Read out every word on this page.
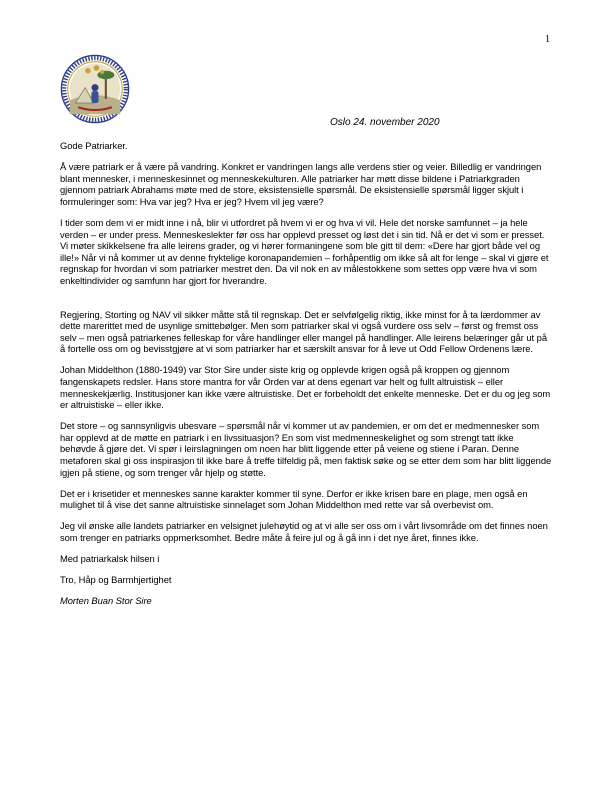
1
Oslo 24. november 2020

Gode Patriarker.

Å være patriark er å være på vandring. Konkret er vandringen langs alle verdens stier og veier. Billedlig er vandringen blant mennesker, i menneskesinnet og menneskekulturen. Alle patriarker har møtt disse bildene i Patriarkgraden gjennom patriark Abrahams møte med de store, eksistensielle spørsmål. De eksistensielle spørsmål ligger skjult i formuleringer som: Hva var jeg? Hva er jeg? Hvem vil jeg være?

I tider som dem vi er midt inne i nå, blir vi utfordret på hvem vi er og hva vi vil. Hele det norske samfunnet – ja hele verden – er under press. Menneskeslekter før oss har opplevd presset og løst det i sin tid. Nå er det vi som er presset. Vi møter skikkelsene fra alle leirens grader, og vi hører formaningene som ble gitt til dem: «Dere har gjort både vel og ille!» Når vi nå kommer ut av denne fryktelige koronapandemien – forhåpentlig om ikke så alt for lenge – skal vi gjøre et regnskap for hvordan vi som patriarker mestret den. Da vil nok en av målestokkene som settes opp være hva vi som enkeltindivider og samfunn har gjort for hverandre.

Regjering, Storting og NAV vil sikker måtte stå til regnskap. Det er selvfølgelig riktig, ikke minst for å ta lærdommer av dette marerittet med de usynlige smittebølger. Men som patriarker skal vi også vurdere oss selv – først og fremst oss selv – men også patriarkenes felleskap for våre handlinger eller mangel på handlinger. Alle leirens belæringer går ut på å fortelle oss om og bevisstgjøre at vi som patriarker har et særskilt ansvar for å leve ut Odd Fellow Ordenens lære.

Johan Middelthon (1880-1949) var Stor Sire under siste krig og opplevde krigen også på kroppen og gjennom fangenskapets redsler. Hans store mantra for vår Orden var at dens egenart var helt og fullt altruistisk – eller menneskekjærlig. Institusjoner kan ikke være altruistiske. Det er forbeholdt det enkelte menneske. Det er du og jeg som er altruistiske – eller ikke.

Det store – og sannsynligvis ubesvare – spørsmål når vi kommer ut av pandemien, er om det er medmennesker som har opplevd at de møtte en patriark i en livssituasjon? En som vist medmenneskelighet og som strengt tatt ikke behøvde å gjøre det. Vi spør i leirslagningen om noen har blitt liggende etter på veiene og stiene i Paran. Denne metaforen skal gi oss inspirasjon til ikke bare å treffe tilfeldig på, men faktisk søke og se etter dem som har blitt liggende igjen på stiene, og som trenger vår hjelp og støtte.

Det er i krisetider et menneskes sanne karakter kommer til syne. Derfor er ikke krisen bare en plage, men også en mulighet til å vise det sanne altruistiske sinnelaget som Johan Middelthon med rette var så overbevist om.

Jeg vil ønske alle landets patriarker en velsignet julehøytid og at vi alle ser oss om i vårt livsområde om det finnes noen som trenger en patriarks oppmerksomhet. Bedre måte å feire jul og å gå inn i det nye året, finnes ikke.

Med patriarkalsk hilsen i

Tro, Håp og Barmhjertighet

Morten Buan Stor Sire
